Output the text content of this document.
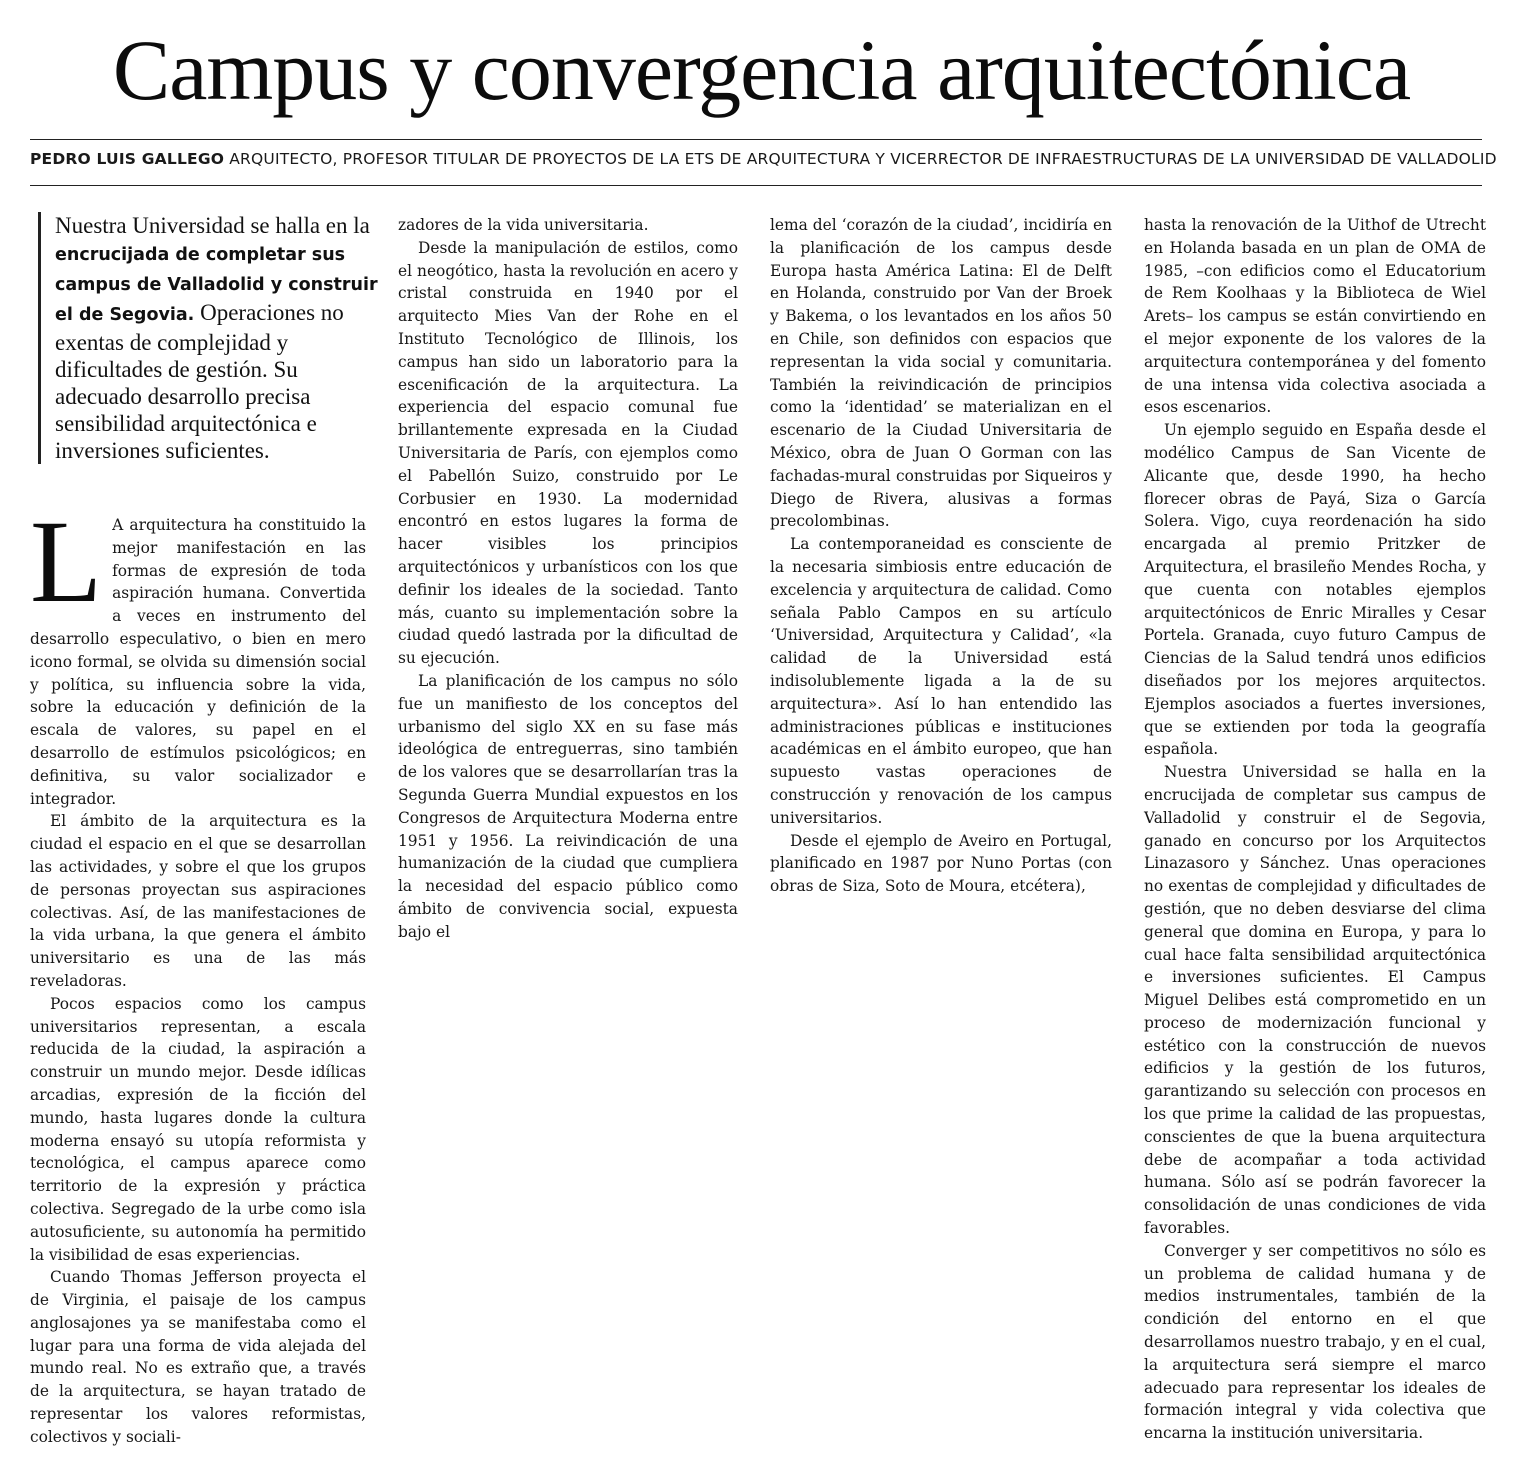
Campus y convergencia arquitectónica
PEDRO LUIS GALLEGO ARQUITECTO, PROFESOR TITULAR DE PROYECTOS DE LA ETS DE ARQUITECTURA Y VICERRECTOR DE INFRAESTRUCTURAS DE LA UNIVERSIDAD DE VALLADOLID
Nuestra Universidad se halla en la encrucijada de completar sus campus de Valladolid y construir el de Segovia. Operaciones no exentas de complejidad y dificultades de gestión. Su adecuado desarrollo precisa sensibilidad arquitectónica e inversiones suficientes.

L A arquitectura ha constituido la mejor manifestación en las formas de expresión de toda aspiración humana. Convertida a veces en instrumento del desarrollo especulativo, o bien en mero icono formal, se olvida su dimensión social y política, su influencia sobre la vida, sobre la educación y definición de la escala de valores, su papel en el desarrollo de estímulos psicológicos; en definitiva, su valor socializador e integrador.

El ámbito de la arquitectura es la ciudad el espacio en el que se desarrollan las actividades, y sobre el que los grupos de personas proyectan sus aspiraciones colectivas. Así, de las manifestaciones de la vida urbana, la que genera el ámbito universitario es una de las más reveladoras.

Pocos espacios como los campus universitarios representan, a escala reducida de la ciudad, la aspiración a construir un mundo mejor. Desde idílicas arcadias, expresión de la ficción del mundo, hasta lugares donde la cultura moderna ensayó su utopía reformista y tecnológica, el campus aparece como territorio de la expresión y práctica colectiva. Segregado de la urbe como isla autosuficiente, su autonomía ha permitido la visibilidad de esas experiencias.

Cuando Thomas Jefferson proyecta el de Virginia, el paisaje de los campus anglosajones ya se manifestaba como el lugar para una forma de vida alejada del mundo real. No es extraño que, a través de la arquitectura, se hayan tratado de representar los valores reformistas, colectivos y sociali-

zadores de la vida universitaria.

Desde la manipulación de estilos, como el neogótico, hasta la revolución en acero y cristal construida en 1940 por el arquitecto Mies Van der Rohe en el Instituto Tecnológico de Illinois, los campus han sido un laboratorio para la escenificación de la arquitectura. La experiencia del espacio comunal fue brillantemente expresada en la Ciudad Universitaria de París, con ejemplos como el Pabellón Suizo, construido por Le Corbusier en 1930. La modernidad encontró en estos lugares la forma de hacer visibles los principios arquitectónicos y urbanísticos con los que definir los ideales de la sociedad. Tanto más, cuanto su implementación sobre la ciudad quedó lastrada por la dificultad de su ejecución.

La planificación de los campus no sólo fue un manifiesto de los conceptos del urbanismo del siglo XX en su fase más ideológica de entreguerras, sino también de los valores que se desarrollarían tras la Segunda Guerra Mundial expuestos en los Congresos de Arquitectura Moderna entre 1951 y 1956. La reivindicación de una humanización de la ciudad que cumpliera la necesidad del espacio público como ámbito de convivencia social, expuesta bajo el

lema del ‘corazón de la ciudad’, incidiría en la planificación de los campus desde Europa hasta América Latina: El de Delft en Holanda, construido por Van der Broek y Bakema, o los levantados en los años 50 en Chile, son definidos con espacios que representan la vida social y comunitaria. También la reivindicación de principios como la ‘identidad’ se materializan en el escenario de la Ciudad Universitaria de México, obra de Juan O Gorman con las fachadas-mural construidas por Siqueiros y Diego de Rivera, alusivas a formas precolombinas.

La contemporaneidad es consciente de la necesaria simbiosis entre educación de excelencia y arquitectura de calidad. Como señala Pablo Campos en su artículo ‘Universidad, Arquitectura y Calidad’, «la calidad de la Universidad está indisolublemente ligada a la de su arquitectura». Así lo han entendido las administraciones públicas e instituciones académicas en el ámbito europeo, que han supuesto vastas operaciones de construcción y renovación de los campus universitarios.

Desde el ejemplo de Aveiro en Portugal, planificado en 1987 por Nuno Portas (con obras de Siza, Soto de Moura, etcétera),

hasta la renovación de la Uithof de Utrecht en Holanda basada en un plan de OMA de 1985, –con edificios como el Educatorium de Rem Koolhaas y la Biblioteca de Wiel Arets– los campus se están convirtiendo en el mejor exponente de los valores de la arquitectura contemporánea y del fomento de una intensa vida colectiva asociada a esos escenarios.

Un ejemplo seguido en España desde el modélico Campus de San Vicente de Alicante que, desde 1990, ha hecho florecer obras de Payá, Siza o García Solera. Vigo, cuya reordenación ha sido encargada al premio Pritzker de Arquitectura, el brasileño Mendes Rocha, y que cuenta con notables ejemplos arquitectónicos de Enric Miralles y Cesar Portela. Granada, cuyo futuro Campus de Ciencias de la Salud tendrá unos edificios diseñados por los mejores arquitectos. Ejemplos asociados a fuertes inversiones, que se extienden por toda la geografía española.

Nuestra Universidad se halla en la encrucijada de completar sus campus de Valladolid y construir el de Segovia, ganado en concurso por los Arquitectos Linazasoro y Sánchez. Unas operaciones no exentas de complejidad y dificultades de gestión, que no deben desviarse del clima general que domina en Europa, y para lo cual hace falta sensibilidad arquitectónica e inversiones suficientes. El Campus Miguel Delibes está comprometido en un proceso de modernización funcional y estético con la construcción de nuevos edificios y la gestión de los futuros, garantizando su selección con procesos en los que prime la calidad de las propuestas, conscientes de que la buena arquitectura debe de acompañar a toda actividad humana. Sólo así se podrán favorecer la consolidación de unas condiciones de vida favorables.

Converger y ser competitivos no sólo es un problema de calidad humana y de medios instrumentales, también de la condición del entorno en el que desarrollamos nuestro trabajo, y en el cual, la arquitectura será siempre el marco adecuado para representar los ideales de formación integral y vida colectiva que encarna la institución universitaria.
